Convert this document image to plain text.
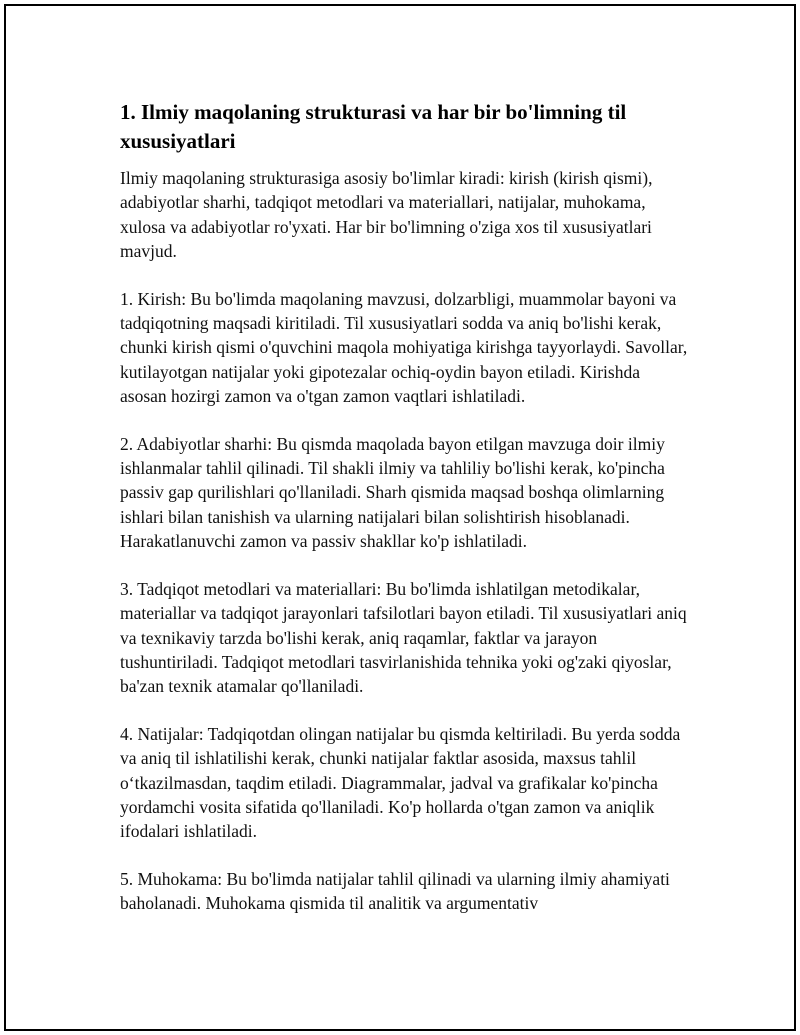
1. Ilmiy maqolaning strukturasi va har bir bo'limning til xususiyatlari

Ilmiy maqolaning strukturasiga asosiy bo'limlar kiradi: kirish (kirish qismi), adabiyotlar sharhi, tadqiqot metodlari va materiallari, natijalar, muhokama, xulosa va adabiyotlar ro'yxati. Har bir bo'limning o'ziga xos til xususiyatlari mavjud.

1. Kirish: Bu bo'limda maqolaning mavzusi, dolzarbligi, muammolar bayoni va tadqiqotning maqsadi kiritiladi. Til xususiyatlari sodda va aniq bo'lishi kerak, chunki kirish qismi o'quvchini maqola mohiyatiga kirishga tayyorlaydi. Savollar, kutilayotgan natijalar yoki gipotezalar ochiq-oydin bayon etiladi. Kirishda asosan hozirgi zamon va o'tgan zamon vaqtlari ishlatiladi.

2. Adabiyotlar sharhi: Bu qismda maqolada bayon etilgan mavzuga doir ilmiy ishlanmalar tahlil qilinadi. Til shakli ilmiy va tahliliy bo'lishi kerak, ko'pincha passiv gap qurilishlari qo'llaniladi. Sharh qismida maqsad boshqa olimlarning ishlari bilan tanishish va ularning natijalari bilan solishtirish hisoblanadi. Harakatlanuvchi zamon va passiv shakllar ko'p ishlatiladi.

3. Tadqiqot metodlari va materiallari: Bu bo'limda ishlatilgan metodikalar, materiallar va tadqiqot jarayonlari tafsilotlari bayon etiladi. Til xususiyatlari aniq va texnikaviy tarzda bo'lishi kerak, aniq raqamlar, faktlar va jarayon tushuntiriladi. Tadqiqot metodlari tasvirlanishida tehnika yoki og'zaki qiyoslar, ba'zan texnik atamalar qo'llaniladi.

4. Natijalar: Tadqiqotdan olingan natijalar bu qismda keltiriladi. Bu yerda sodda va aniq til ishlatilishi kerak, chunki natijalar faktlar asosida, maxsus tahlil o‘tkazilmasdan, taqdim etiladi. Diagrammalar, jadval va grafikalar ko'pincha yordamchi vosita sifatida qo'llaniladi. Ko'p hollarda o'tgan zamon va aniqlik ifodalari ishlatiladi.

5. Muhokama: Bu bo'limda natijalar tahlil qilinadi va ularning ilmiy ahamiyati baholanadi. Muhokama qismida til analitik va argumentativ
